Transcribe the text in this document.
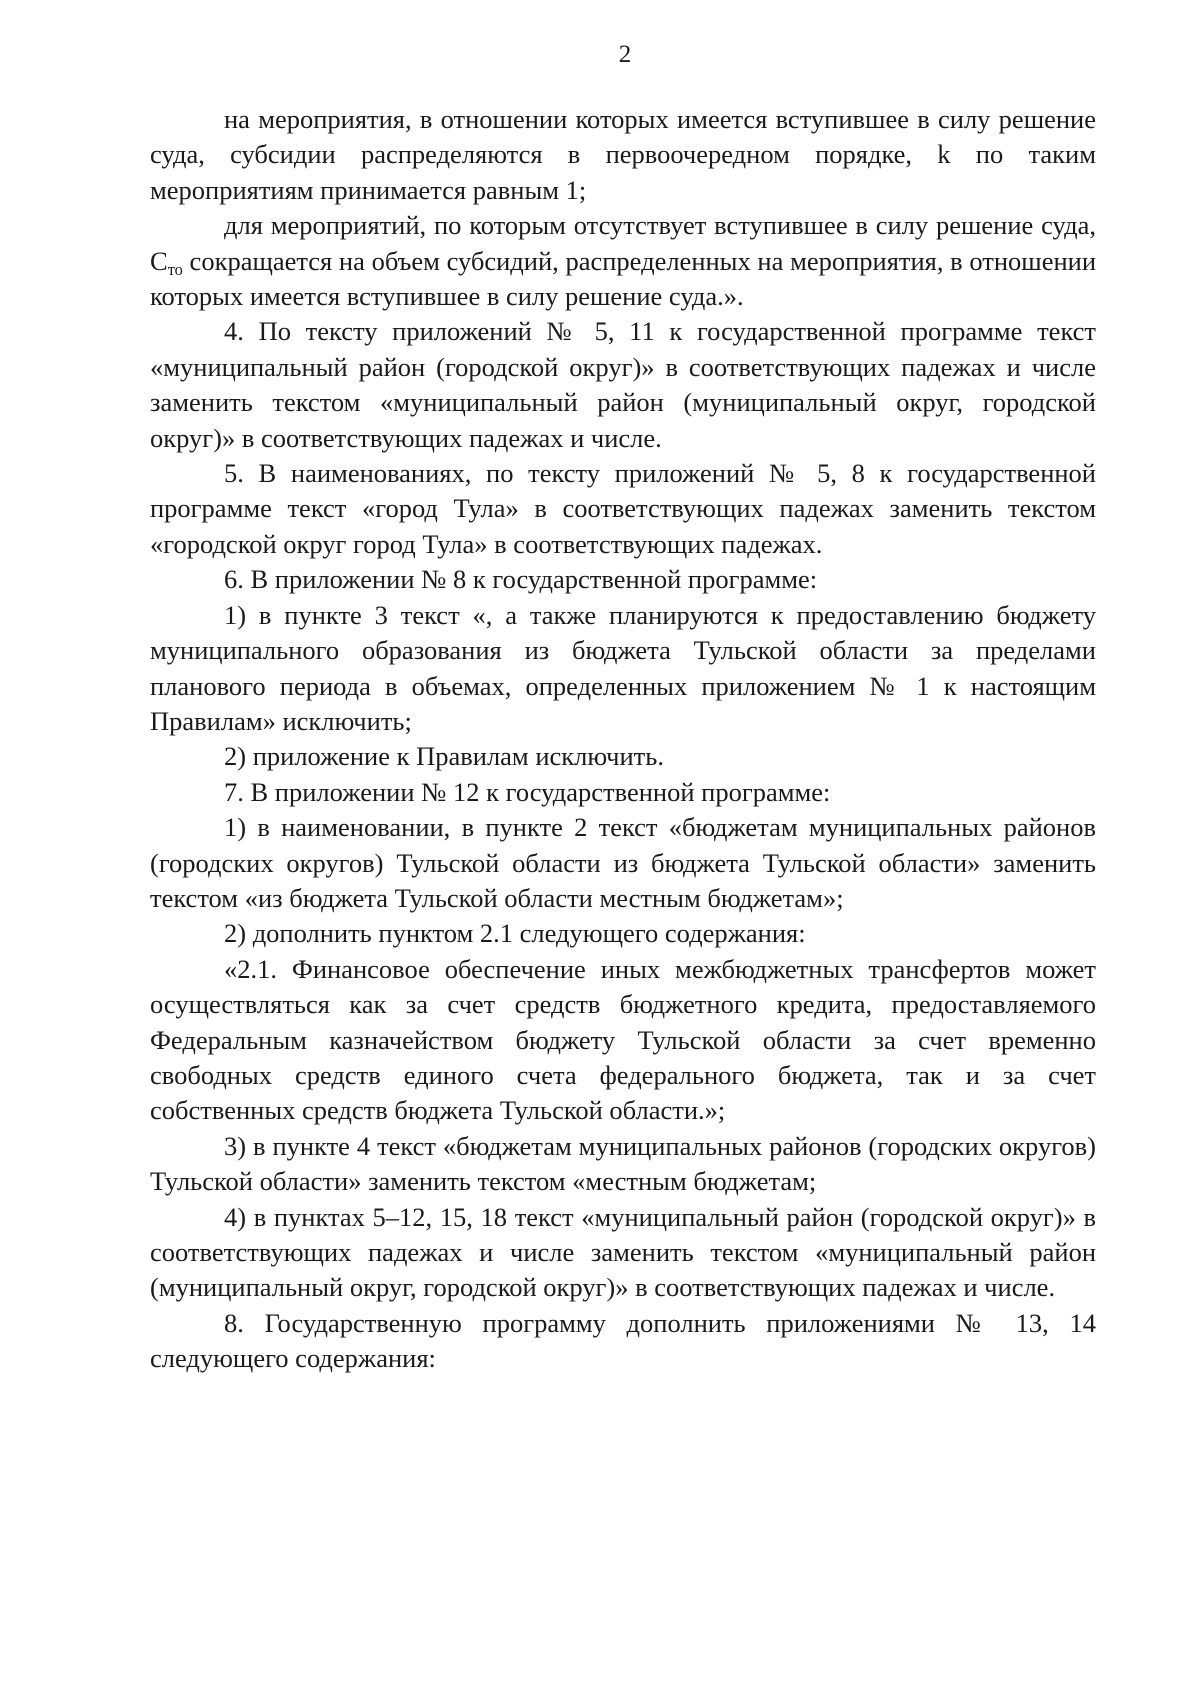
2

на мероприятия, в отношении которых имеется вступившее в силу решение суда, субсидии распределяются в первоочередном порядке, k по таким мероприятиям принимается равным 1;

для мероприятий, по которым отсутствует вступившее в силу решение суда, $С_{то}$ сокращается на объем субсидий, распределенных на мероприятия, в отношении которых имеется вступившее в силу решение суда.».

4. По тексту приложений № 5, 11 к государственной программе текст «муниципальный район (городской округ)» в соответствующих падежах и числе заменить текстом «муниципальный район (муниципальный округ, городской округ)» в соответствующих падежах и числе.

5. В наименованиях, по тексту приложений № 5, 8 к государственной программе текст «город Тула» в соответствующих падежах заменить текстом «городской округ город Тула» в соответствующих падежах.

6. В приложении № 8 к государственной программе:

1) в пункте 3 текст «, а также планируются к предоставлению бюджету муниципального образования из бюджета Тульской области за пределами планового периода в объемах, определенных приложением № 1 к настоящим Правилам» исключить;

2) приложение к Правилам исключить.

7. В приложении № 12 к государственной программе:

1) в наименовании, в пункте 2 текст «бюджетам муниципальных районов (городских округов) Тульской области из бюджета Тульской области» заменить текстом «из бюджета Тульской области местным бюджетам»;

2) дополнить пунктом 2.1 следующего содержания:

«2.1. Финансовое обеспечение иных межбюджетных трансфертов может осуществляться как за счет средств бюджетного кредита, предоставляемого Федеральным казначейством бюджету Тульской области за счет временно свободных средств единого счета федерального бюджета, так и за счет собственных средств бюджета Тульской области.»;

3) в пункте 4 текст «бюджетам муниципальных районов (городских округов) Тульской области» заменить текстом «местным бюджетам;

4) в пунктах 5–12, 15, 18 текст «муниципальный район (городской округ)» в соответствующих падежах и числе заменить текстом «муниципальный район (муниципальный округ, городской округ)» в соответствующих падежах и числе.

8. Государственную программу дополнить приложениями № 13, 14 следующего содержания:
